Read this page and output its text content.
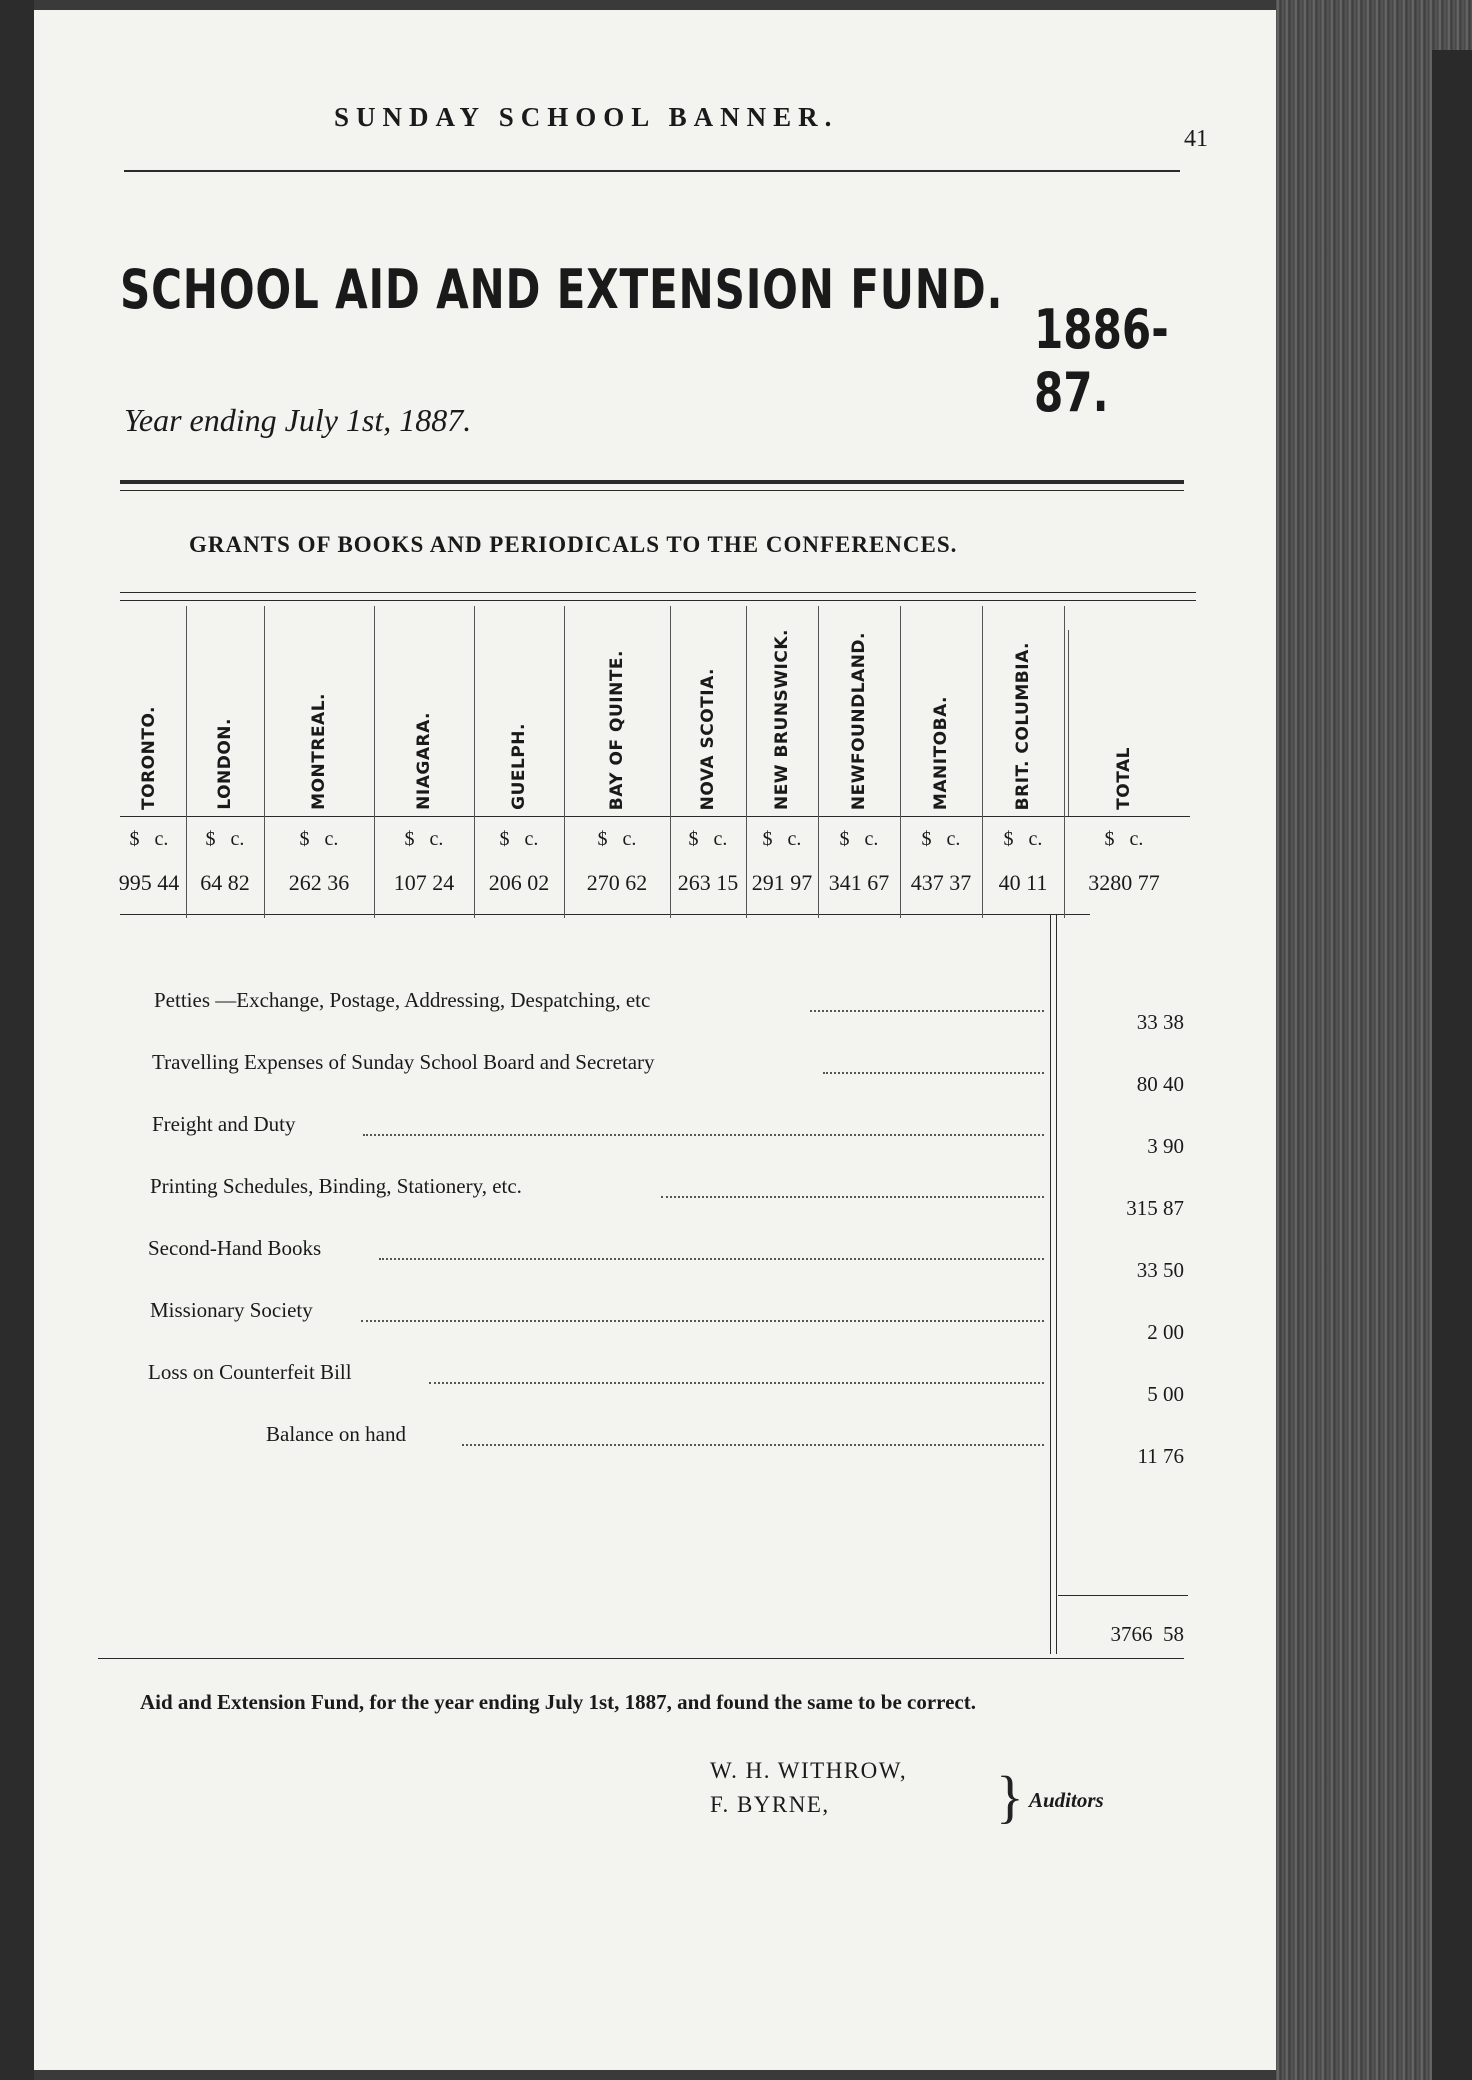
SUNDAY SCHOOL BANNER.
41
SCHOOL AID AND EXTENSION FUND.
1886-87.
Year ending July 1st, 1887.
GRANTS OF BOOKS AND PERIODICALS TO THE CONFERENCES.
TORONTO.
$ c.
995 44
LONDON.
$ c.
64 82
MONTREAL.
$ c.
262 36
NIAGARA.
$ c.
107 24
GUELPH.
$ c.
206 02
BAY OF QUINTE.
$ c.
270 62
NOVA SCOTIA.
$ c.
263 15
NEW BRUNSWICK.
$ c.
291 97
NEWFOUNDLAND.
$ c.
341 67
MANITOBA.
$ c.
437 37
BRIT. COLUMBIA.
$ c.
40 11
TOTAL
$ c.
3280 77
Petties —Exchange, Postage, Addressing, Despatching, etc
33 38
Travelling Expenses of Sunday School Board and Secretary
80 40
Freight and Duty
3 90
Printing Schedules, Binding, Stationery, etc.
315 87
Second-Hand Books
33 50
Missionary Society
2 00
Loss on Counterfeit Bill
5 00
Balance on hand
11 76
3766 58
Aid and Extension Fund, for the year ending July 1st, 1887, and found the same to be correct.
W. H. WITHROW,
F. BYRNE,	} Auditors
